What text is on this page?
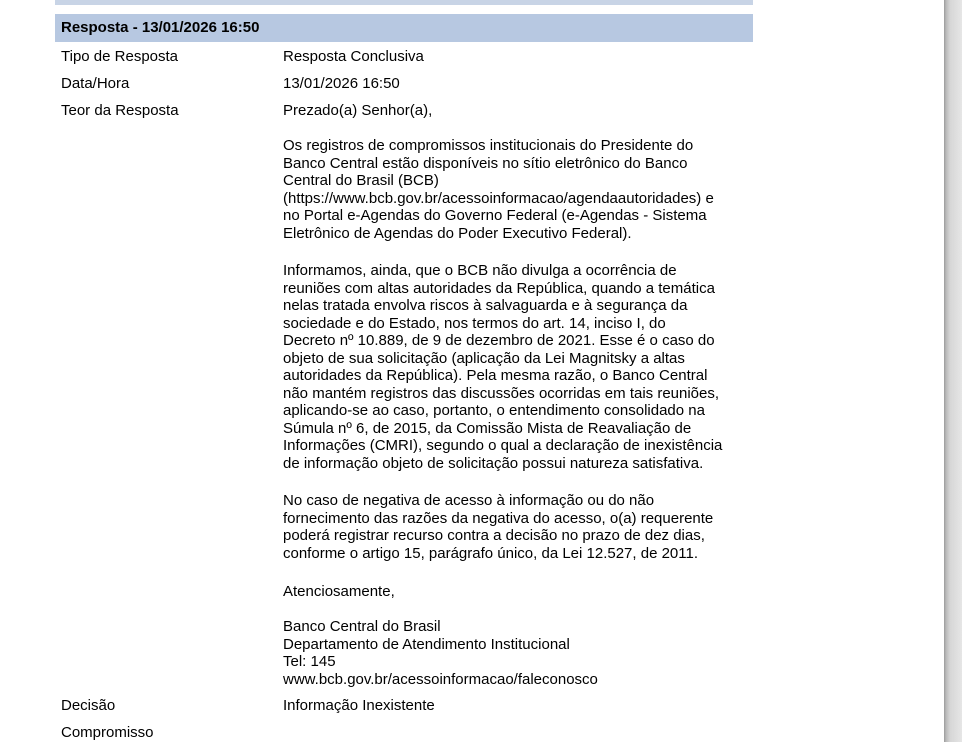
Resposta - 13/01/2026 16:50
Tipo de Resposta	Resposta Conclusiva
Data/Hora	13/01/2026 16:50
Teor da Resposta	Prezado(a) Senhor(a),
Os registros de compromissos institucionais do Presidente do
Banco Central estão disponíveis no sítio eletrônico do Banco
Central do Brasil (BCB)
(https://www.bcb.gov.br/acessoinformacao/agendaautoridades) e
no Portal e-Agendas do Governo Federal (e-Agendas - Sistema
Eletrônico de Agendas do Poder Executivo Federal).
Informamos, ainda, que o BCB não divulga a ocorrência de
reuniões com altas autoridades da República, quando a temática
nelas tratada envolva riscos à salvaguarda e à segurança da
sociedade e do Estado, nos termos do art. 14, inciso I, do
Decreto nº 10.889, de 9 de dezembro de 2021. Esse é o caso do
objeto de sua solicitação (aplicação da Lei Magnitsky a altas
autoridades da República). Pela mesma razão, o Banco Central
não mantém registros das discussões ocorridas em tais reuniões,
aplicando-se ao caso, portanto, o entendimento consolidado na
Súmula nº 6, de 2015, da Comissão Mista de Reavaliação de
Informações (CMRI), segundo o qual a declaração de inexistência
de informação objeto de solicitação possui natureza satisfativa.
No caso de negativa de acesso à informação ou do não
fornecimento das razões da negativa do acesso, o(a) requerente
poderá registrar recurso contra a decisão no prazo de dez dias,
conforme o artigo 15, parágrafo único, da Lei 12.527, de 2011.
Atenciosamente,
Banco Central do Brasil
Departamento de Atendimento Institucional
Tel: 145
www.bcb.gov.br/acessoinformacao/faleconosco
Decisão	Informação Inexistente
Compromisso
